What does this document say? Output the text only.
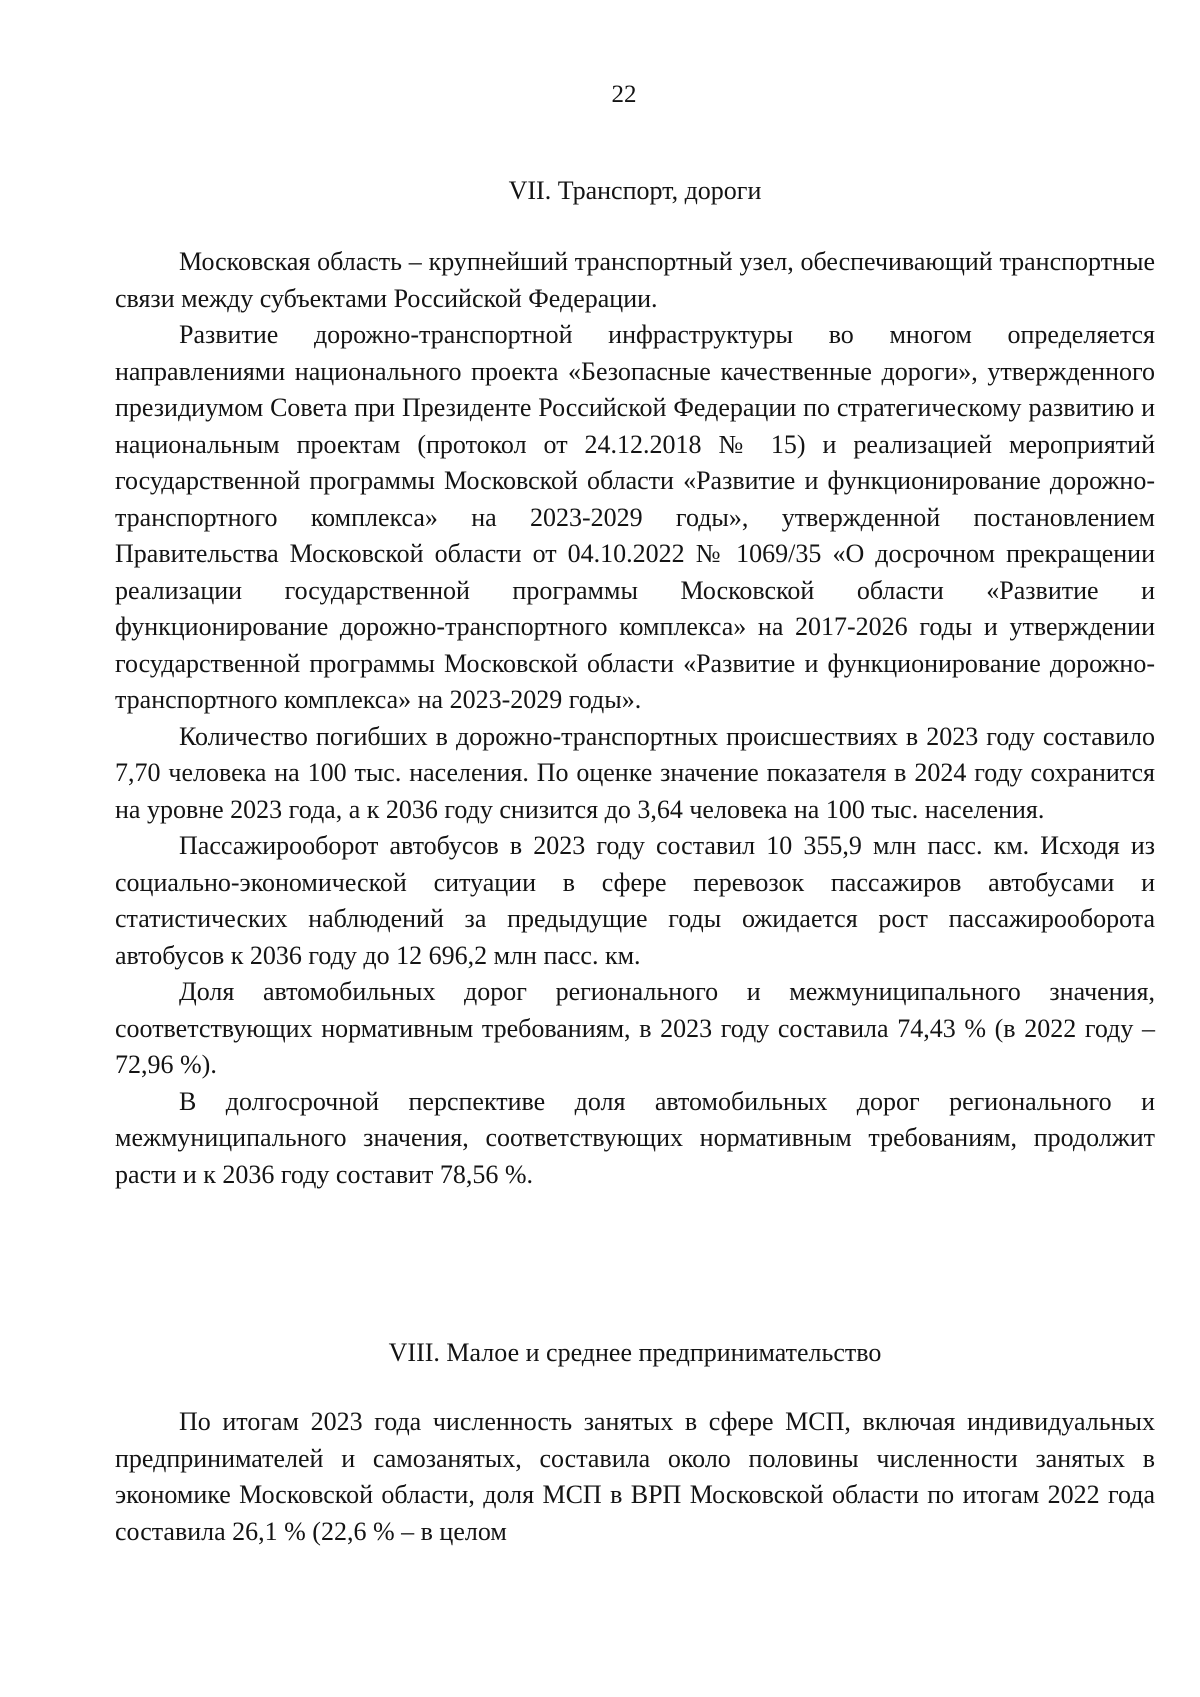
22
VII. Транспорт, дороги

Московская область – крупнейший транспортный узел, обеспечивающий транспортные связи между субъектами Российской Федерации.

Развитие дорожно-транспортной инфраструктуры во многом определяется направлениями национального проекта «Безопасные качественные дороги», утвержденного президиумом Совета при Президенте Российской Федерации по стратегическому развитию и национальным проектам (протокол от 24.12.2018 № 15) и реализацией мероприятий государственной программы Московской области «Развитие и функционирование дорожно-транспортного комплекса» на 2023-2029 годы», утвержденной постановлением Правительства Московской области от 04.10.2022 № 1069/35 «О досрочном прекращении реализации государственной программы Московской области «Развитие и функционирование дорожно-транспортного комплекса» на 2017-2026 годы и утверждении государственной программы Московской области «Развитие и функционирование дорожно-транспортного комплекса» на 2023-2029 годы».

Количество погибших в дорожно-транспортных происшествиях в 2023 году составило 7,70 человека на 100 тыс. населения. По оценке значение показателя в 2024 году сохранится на уровне 2023 года, а к 2036 году снизится до 3,64 человека на 100 тыс. населения.

Пассажирооборот автобусов в 2023 году составил 10 355,9 млн пасс. км. Исходя из социально-экономической ситуации в сфере перевозок пассажиров автобусами и статистических наблюдений за предыдущие годы ожидается рост пассажирооборота автобусов к 2036 году до 12 696,2 млн пасс. км.

Доля автомобильных дорог регионального и межмуниципального значения, соответствующих нормативным требованиям, в 2023 году составила 74,43 % (в 2022 году – 72,96 %).

В долгосрочной перспективе доля автомобильных дорог регионального и межмуниципального значения, соответствующих нормативным требованиям, продолжит расти и к 2036 году составит 78,56 %.

VIII. Малое и среднее предпринимательство

По итогам 2023 года численность занятых в сфере МСП, включая индивидуальных предпринимателей и самозанятых, составила около половины численности занятых в экономике Московской области, доля МСП в ВРП Московской области по итогам 2022 года составила 26,1 % (22,6 % – в целом
